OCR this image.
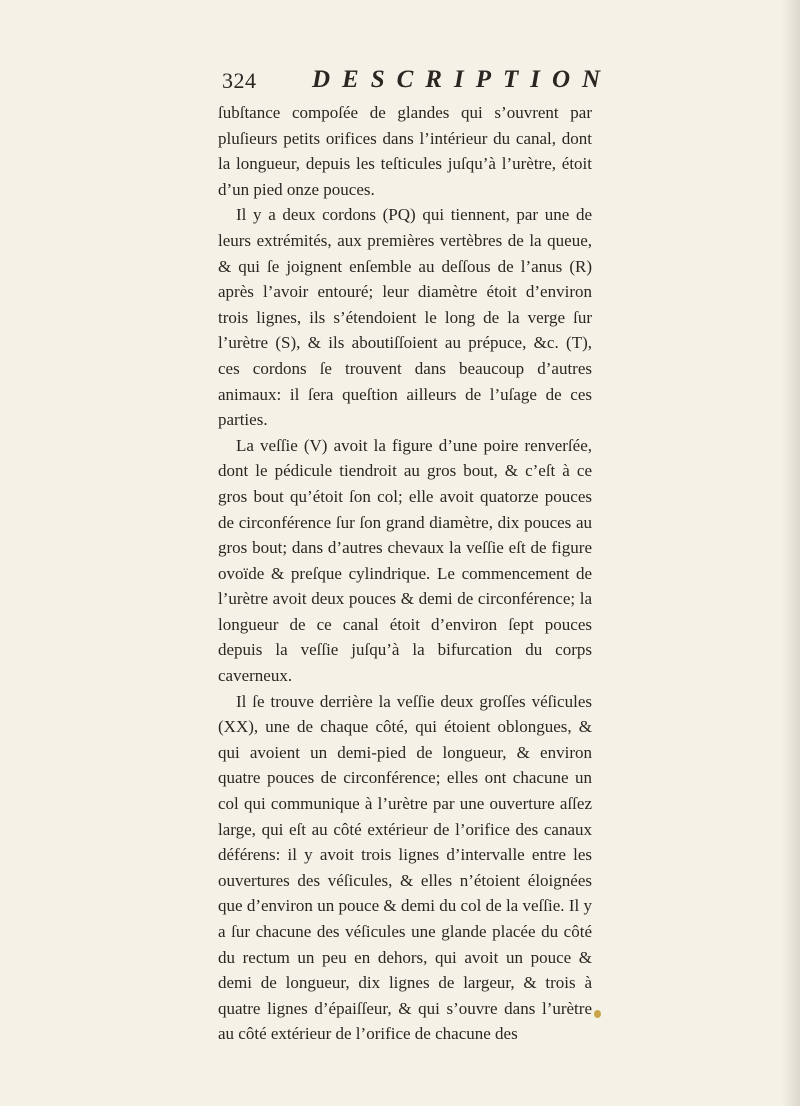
324 DESCRIPTION

ſubſtance compoſée de glandes qui s’ouvrent par pluſieurs petits orifices dans l’intérieur du canal, dont la longueur, depuis les teſticules juſqu’à l’urètre, étoit d’un pied onze pouces.

Il y a deux cordons (PQ) qui tiennent, par une de leurs extrémités, aux premières vertèbres de la queue, & qui ſe joignent enſemble au deſſous de l’anus (R) après l’avoir entouré; leur diamètre étoit d’environ trois lignes, ils s’étendoient le long de la verge ſur l’urètre (S), & ils aboutiſſoient au prépuce, &c. (T), ces cordons ſe trouvent dans beaucoup d’autres animaux: il ſera queſtion ailleurs de l’uſage de ces parties.

La veſſie (V) avoit la figure d’une poire renverſée, dont le pédicule tiendroit au gros bout, & c’eſt à ce gros bout qu’étoit ſon col; elle avoit quatorze pouces de circonférence ſur ſon grand diamètre, dix pouces au gros bout; dans d’autres chevaux la veſſie eſt de figure ovoïde & preſque cylindrique. Le commencement de l’urètre avoit deux pouces & demi de circonférence; la longueur de ce canal étoit d’environ ſept pouces depuis la veſſie juſqu’à la bifurcation du corps caverneux.

Il ſe trouve derrière la veſſie deux groſſes véſicules (XX), une de chaque côté, qui étoient oblongues, & qui avoient un demi-pied de longueur, & environ quatre pouces de circonférence; elles ont chacune un col qui communique à l’urètre par une ouverture aſſez large, qui eſt au côté extérieur de l’orifice des canaux déférens: il y avoit trois lignes d’intervalle entre les ouvertures des véſicules, & elles n’étoient éloignées que d’environ un pouce & demi du col de la veſſie. Il y a ſur chacune des véſicules une glande placée du côté du rectum un peu en dehors, qui avoit un pouce & demi de longueur, dix lignes de largeur, & trois à quatre lignes d’épaiſſeur, & qui s’ouvre dans l’urètre au côté extérieur de l’orifice de chacune des
